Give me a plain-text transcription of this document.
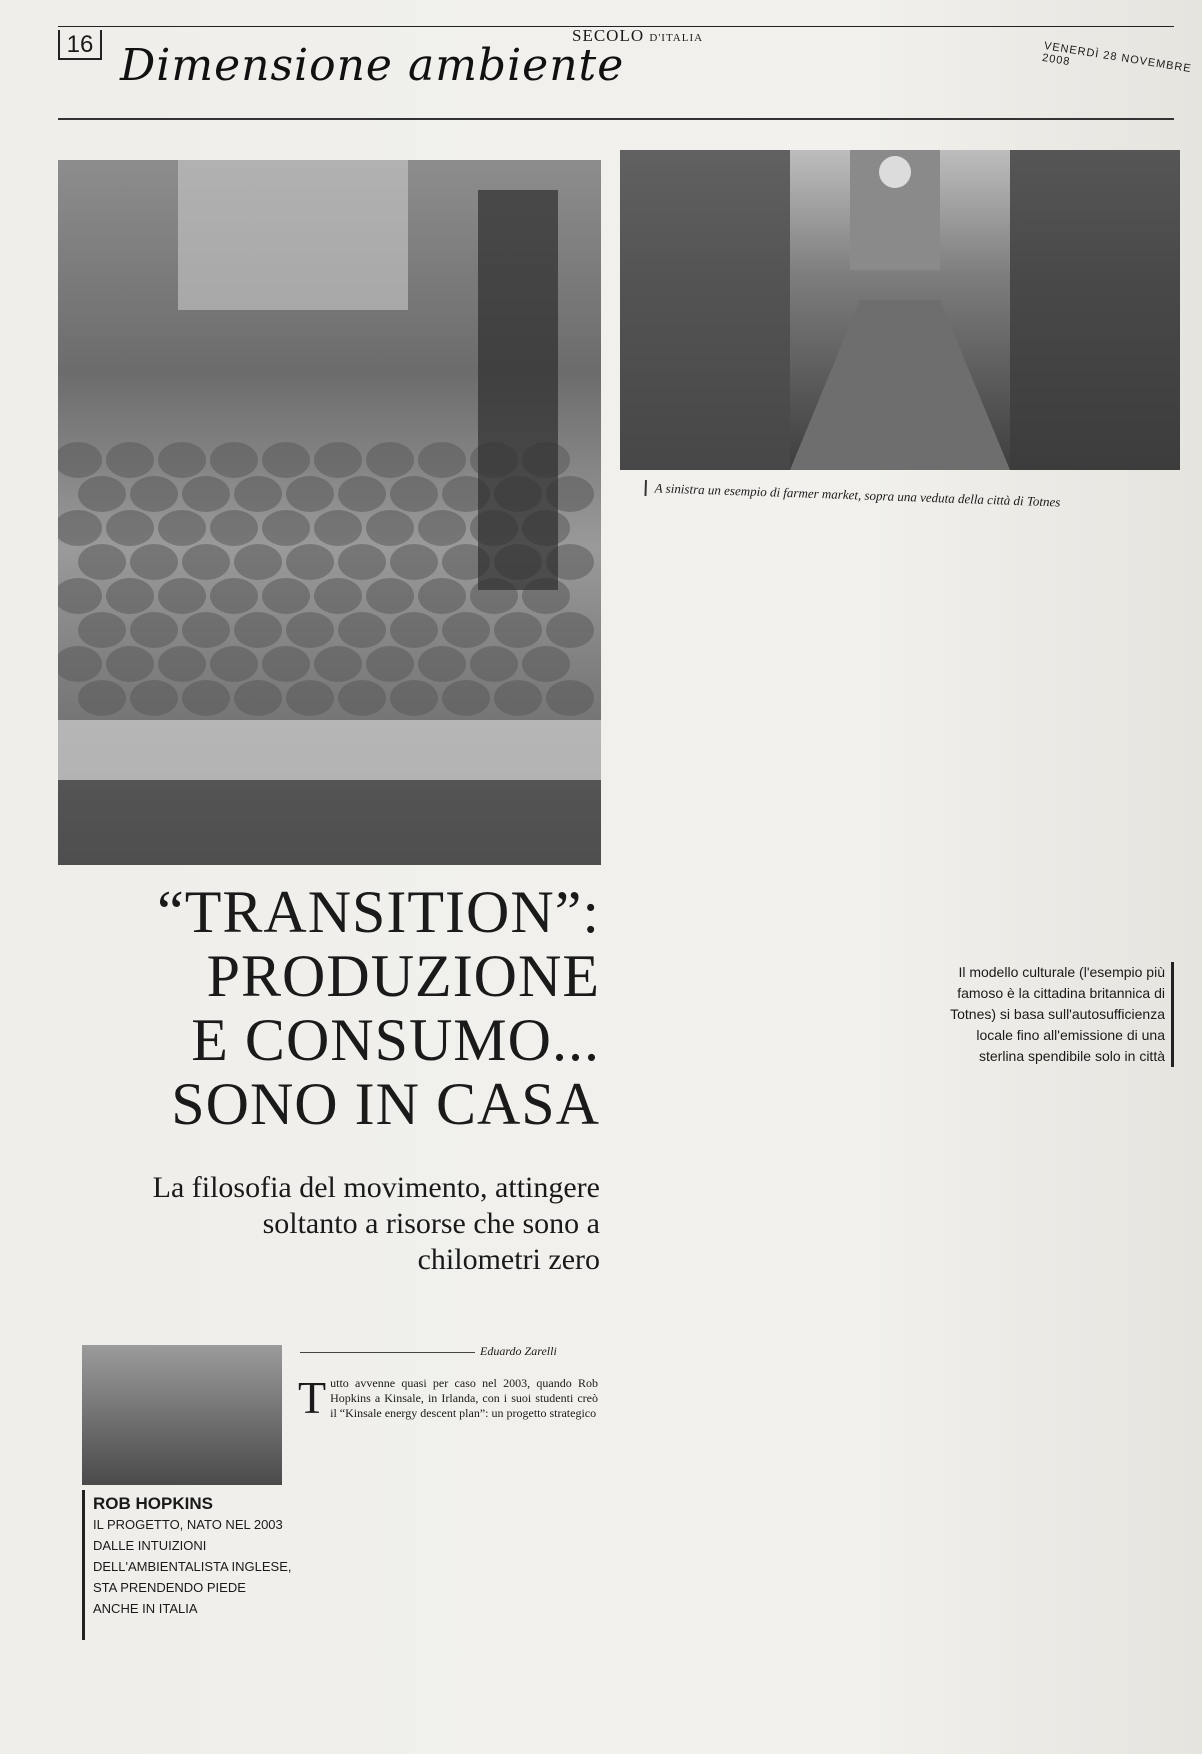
16 Dimensione ambiente
SECOLO D'ITALIA
VENERDÌ 28 NOVEMBRE 2008
A sinistra un esempio di farmer market, sopra una veduta della città di Totnes
“TRANSITION”:
PRODUZIONE
E CONSUMO...
SONO IN CASA
La filosofia del movimento, attingere soltanto a risorse che sono a chilometri zero
Eduardo Zarelli
ROB HOPKINS
IL PROGETTO, NATO NEL 2003 DALLE INTUIZIONI DELL'AMBIENTALISTA INGLESE, STA PRENDENDO PIEDE ANCHE IN ITALIA
T utto avvenne quasi per caso nel 2003, quando Rob Hopkins a Kinsale, in Irlanda, con i suoi studenti creò il “Kinsale energy descent plan”: un progetto strategico
Il modello culturale (l'esempio più famoso è la cittadina britannica di Totnes) si basa sull'autosufficienza locale fino all'emissione di una sterlina spendibile solo in città
